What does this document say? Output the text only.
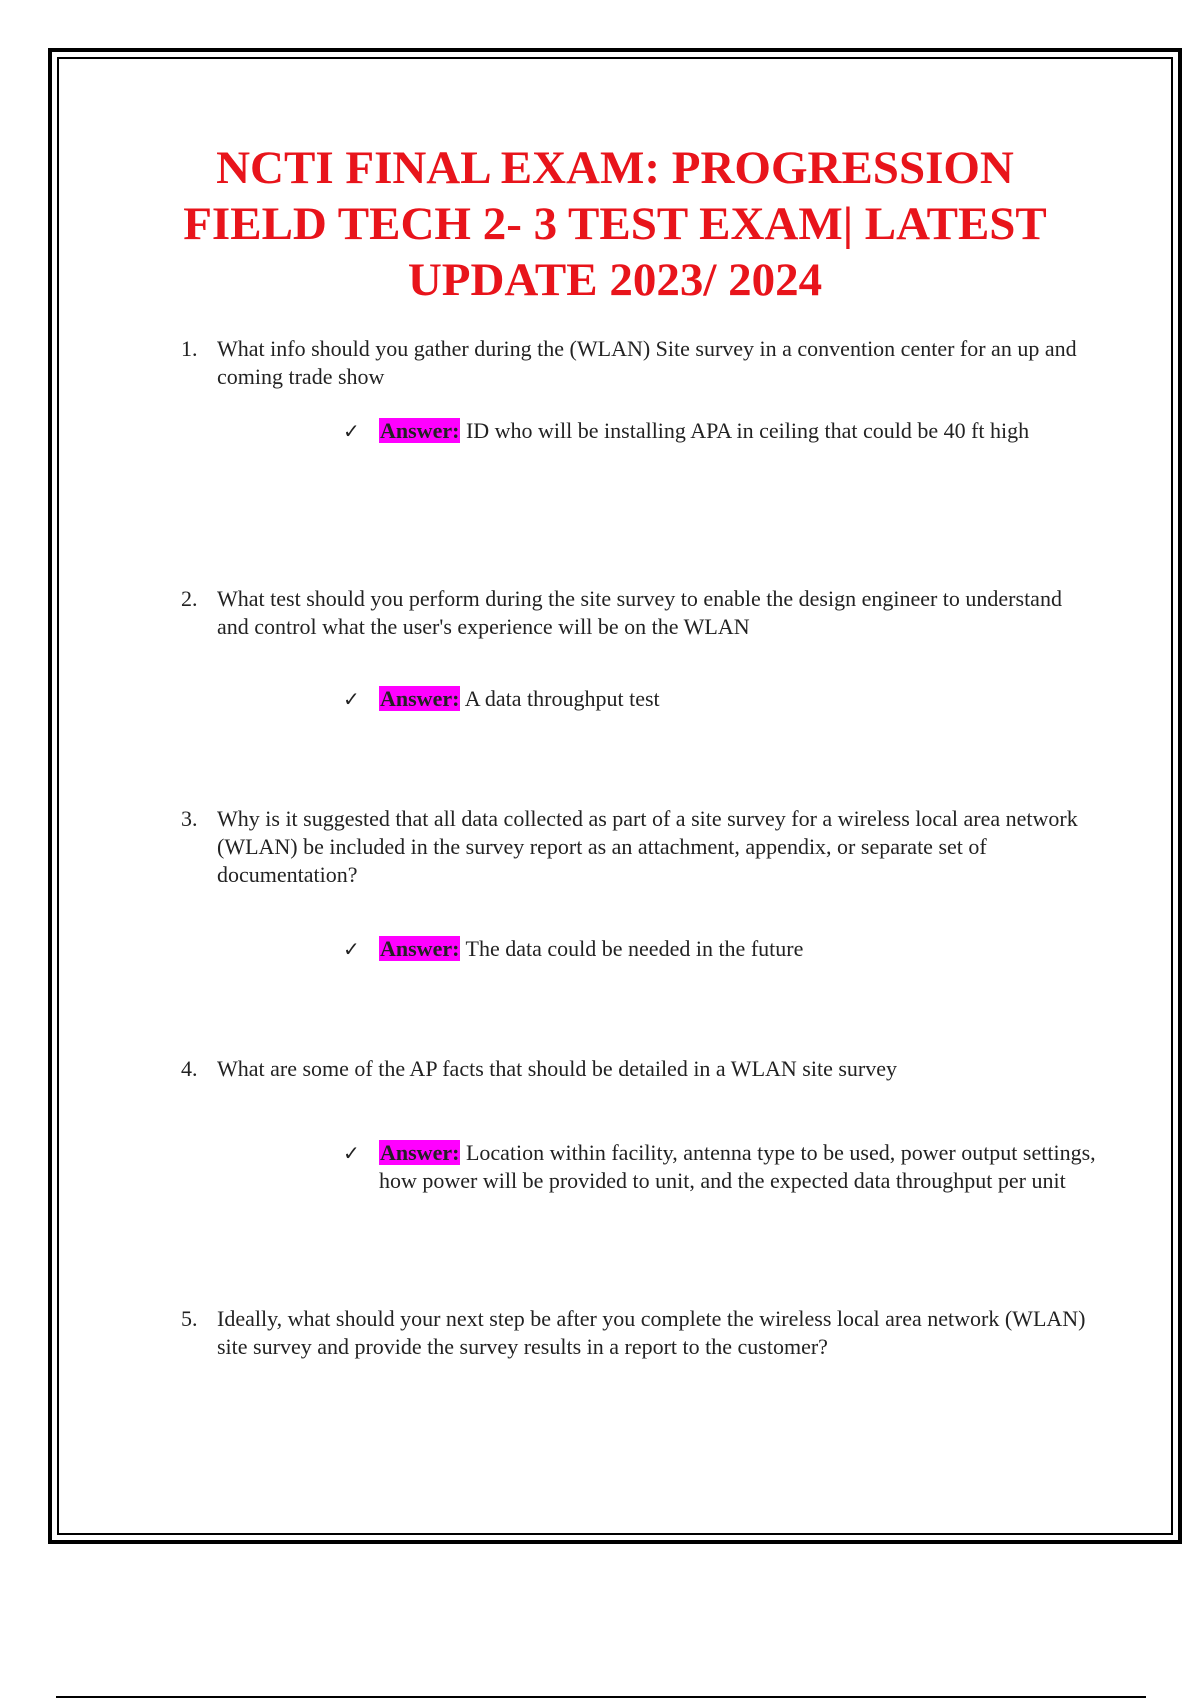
NCTI FINAL EXAM: PROGRESSION
FIELD TECH 2- 3 TEST EXAM| LATEST
UPDATE 2023/ 2024
1. What info should you gather during the (WLAN) Site survey in a convention center for an up and coming trade show
✓ Answer: ID who will be installing APA in ceiling that could be 40 ft high
2. What test should you perform during the site survey to enable the design engineer to understand and control what the user's experience will be on the WLAN
✓ Answer: A data throughput test
3. Why is it suggested that all data collected as part of a site survey for a wireless local area network (WLAN) be included in the survey report as an attachment, appendix, or separate set of documentation?
✓ Answer: The data could be needed in the future
4. What are some of the AP facts that should be detailed in a WLAN site survey
✓ Answer: Location within facility, antenna type to be used, power output settings, how power will be provided to unit, and the expected data throughput per unit
5. Ideally, what should your next step be after you complete the wireless local area network (WLAN) site survey and provide the survey results in a report to the customer?
